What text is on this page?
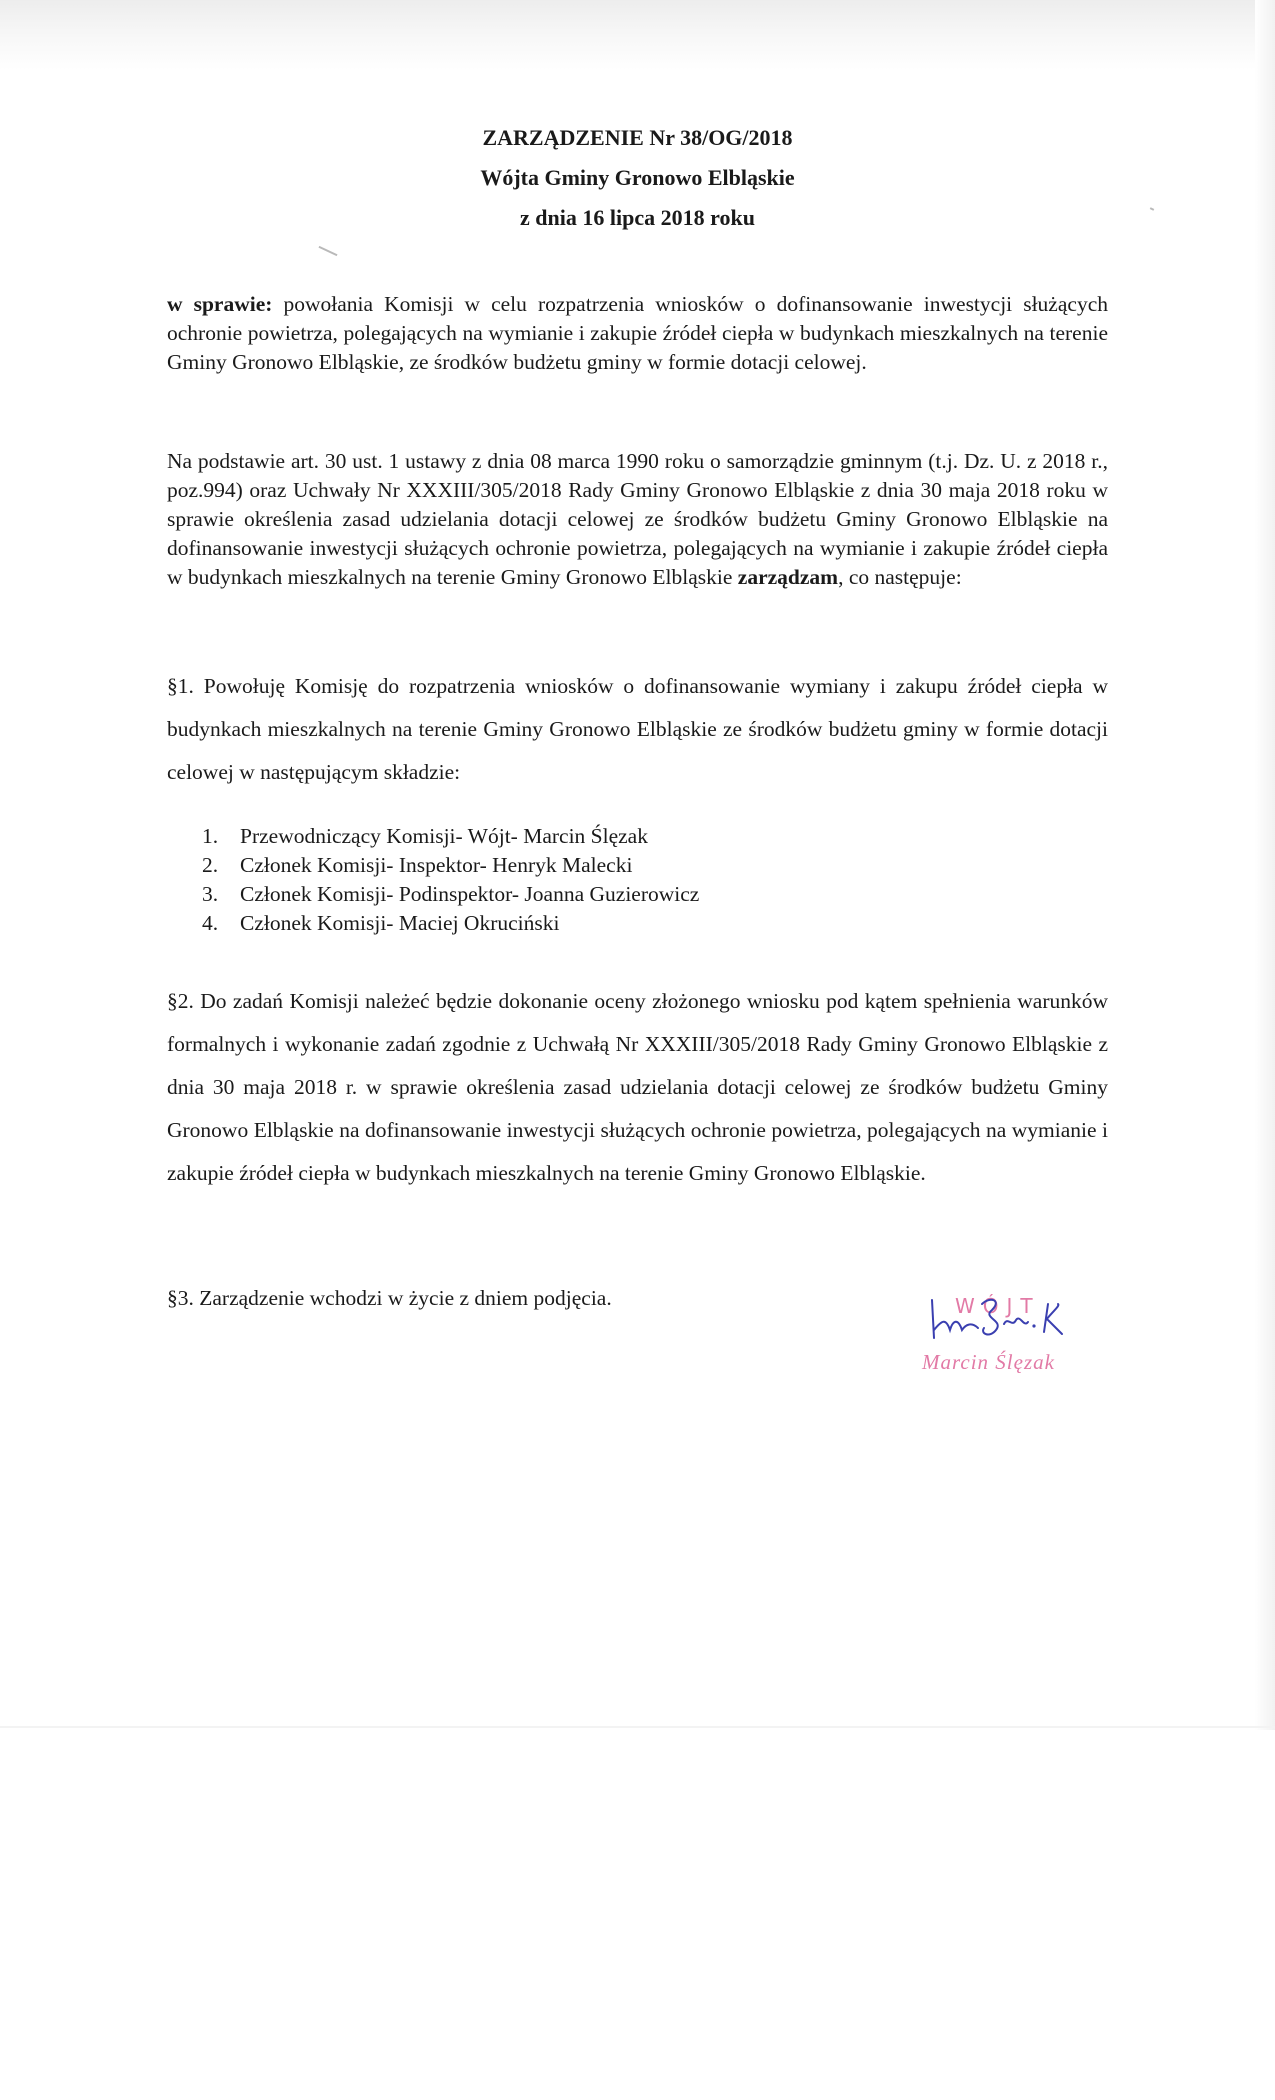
ZARZĄDZENIE Nr 38/OG/2018
Wójta Gminy Gronowo Elbląskie
z dnia 16 lipca 2018 roku
w sprawie: powołania Komisji w celu rozpatrzenia wniosków o dofinansowanie inwestycji służących ochronie powietrza, polegających na wymianie i zakupie źródeł ciepła w budynkach mieszkalnych na terenie Gminy Gronowo Elbląskie, ze środków budżetu gminy w formie dotacji celowej.
Na podstawie art. 30 ust. 1 ustawy z dnia 08 marca 1990 roku o samorządzie gminnym (t.j. Dz. U. z 2018 r., poz.994) oraz Uchwały Nr XXXIII/305/2018 Rady Gminy Gronowo Elbląskie z dnia 30 maja 2018 roku w sprawie określenia zasad udzielania dotacji celowej ze środków budżetu Gminy Gronowo Elbląskie na dofinansowanie inwestycji służących ochronie powietrza, polegających na wymianie i zakupie źródeł ciepła w budynkach mieszkalnych na terenie Gminy Gronowo Elbląskie zarządzam, co następuje:
§1. Powołuję Komisję do rozpatrzenia wniosków o dofinansowanie wymiany i zakupu źródeł ciepła w budynkach mieszkalnych na terenie Gminy Gronowo Elbląskie ze środków budżetu gminy w formie dotacji celowej w następującym składzie:
1.	Przewodniczący Komisji- Wójt- Marcin Ślęzak
2.	Członek Komisji- Inspektor- Henryk Malecki
3.	Członek Komisji- Podinspektor- Joanna Guzierowicz
4.	Członek Komisji- Maciej Okruciński
§2. Do zadań Komisji należeć będzie dokonanie oceny złożonego wniosku pod kątem spełnienia warunków formalnych i wykonanie zadań zgodnie z Uchwałą Nr XXXIII/305/2018 Rady Gminy Gronowo Elbląskie z dnia 30 maja 2018 r. w sprawie określenia zasad udzielania dotacji celowej ze środków budżetu Gminy Gronowo Elbląskie na dofinansowanie inwestycji służących ochronie powietrza, polegających na wymianie i zakupie źródeł ciepła w budynkach mieszkalnych na terenie Gminy Gronowo Elbląskie.
§3. Zarządzenie wchodzi w życie z dniem podjęcia.	WÓJT
Marcin Ślęzak
